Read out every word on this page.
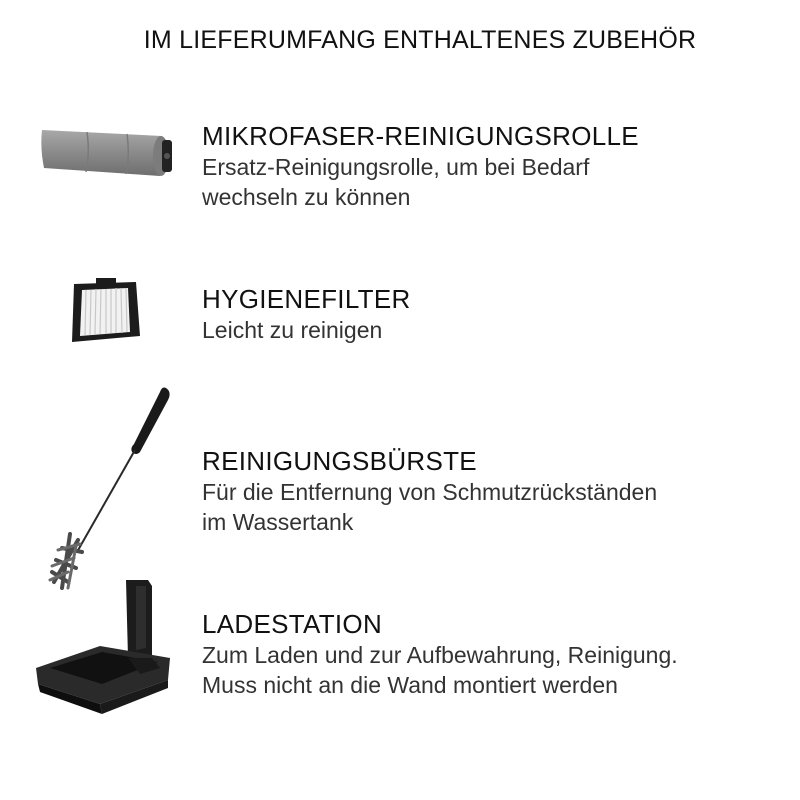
IM LIEFERUMFANG ENTHALTENES ZUBEHÖR
MIKROFASER-REINIGUNGSROLLE
Ersatz-Reinigungsrolle, um bei Bedarf
wechseln zu können
HYGIENEFILTER
Leicht zu reinigen
REINIGUNGSBÜRSTE
Für die Entfernung von Schmutzrückständen
im Wassertank
LADESTATION
Zum Laden und zur Aufbewahrung, Reinigung.
Muss nicht an die Wand montiert werden
